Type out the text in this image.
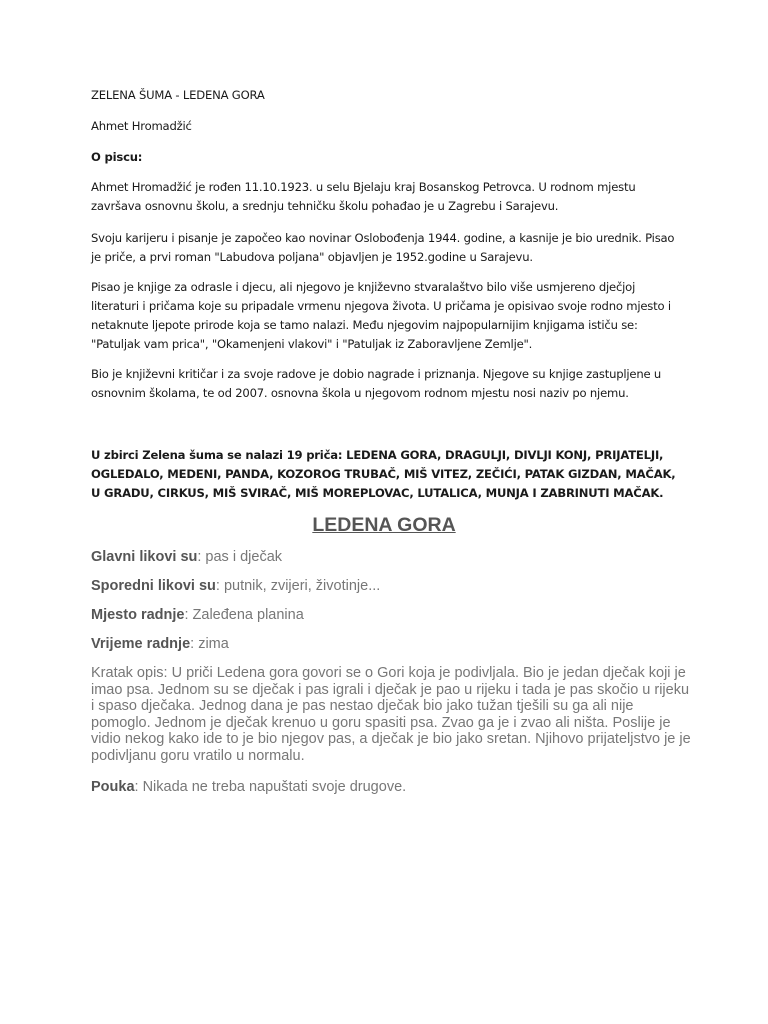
ZELENA ŠUMA - LEDENA GORA

Ahmet Hromadžić

O piscu:

Ahmet Hromadžić je rođen 11.10.1923. u selu Bjelaju kraj Bosanskog Petrovca. U rodnom mjestu završava osnovnu školu, a srednju tehničku školu pohađao je u Zagrebu i Sarajevu.

Svoju karijeru i pisanje je započeo kao novinar Oslobođenja 1944. godine, a kasnije je bio urednik. Pisao je priče, a prvi roman "Labudova poljana" objavljen je 1952.godine u Sarajevu.

Pisao je knjige za odrasle i djecu, ali njegovo je književno stvaralaštvo bilo više usmjereno dječjoj literaturi i pričama koje su pripadale vrmenu njegova života. U pričama je opisivao svoje rodno mjesto i netaknute ljepote prirode koja se tamo nalazi. Među njegovim najpopularnijim knjigama ističu se: "Patuljak vam prica", "Okamenjeni vlakovi" i "Patuljak iz Zaboravljene Zemlje".

Bio je književni kritičar i za svoje radove je dobio nagrade i priznanja. Njegove su knjige zastupljene u osnovnim školama, te od 2007. osnovna škola u njegovom rodnom mjestu nosi naziv po njemu.

U zbirci Zelena šuma se nalazi 19 priča: LEDENA GORA, DRAGULJI, DIVLJI KONJ, PRIJATELJI, OGLEDALO, MEDENI, PANDA, KOZOROG TRUBAČ, MIŠ VITEZ, ZEČIĆI, PATAK GIZDAN, MAČAK, U GRADU, CIRKUS, MIŠ SVIRAČ, MIŠ MOREPLOVAC, LUTALICA, MUNJA I ZABRINUTI MAČAK.

LEDENA GORA

Glavni likovi su: pas i dječak

Sporedni likovi su: putnik, zvijeri, životinje...

Mjesto radnje: Zaleđena planina

Vrijeme radnje: zima

Kratak opis: U priči Ledena gora govori se o Gori koja je podivljala. Bio je jedan dječak koji je imao psa. Jednom su se dječak i pas igrali i dječak je pao u rijeku i tada je pas skočio u rijeku i spaso dječaka. Jednog dana je pas nestao dječak bio jako tužan tješili su ga ali nije pomoglo. Jednom je dječak krenuo u goru spasiti psa. Zvao ga je i zvao ali ništa. Poslije je vidio nekog kako ide to je bio njegov pas, a dječak je bio jako sretan. Njihovo prijateljstvo je je podivljanu goru vratilo u normalu.

Pouka: Nikada ne treba napuštati svoje drugove.
